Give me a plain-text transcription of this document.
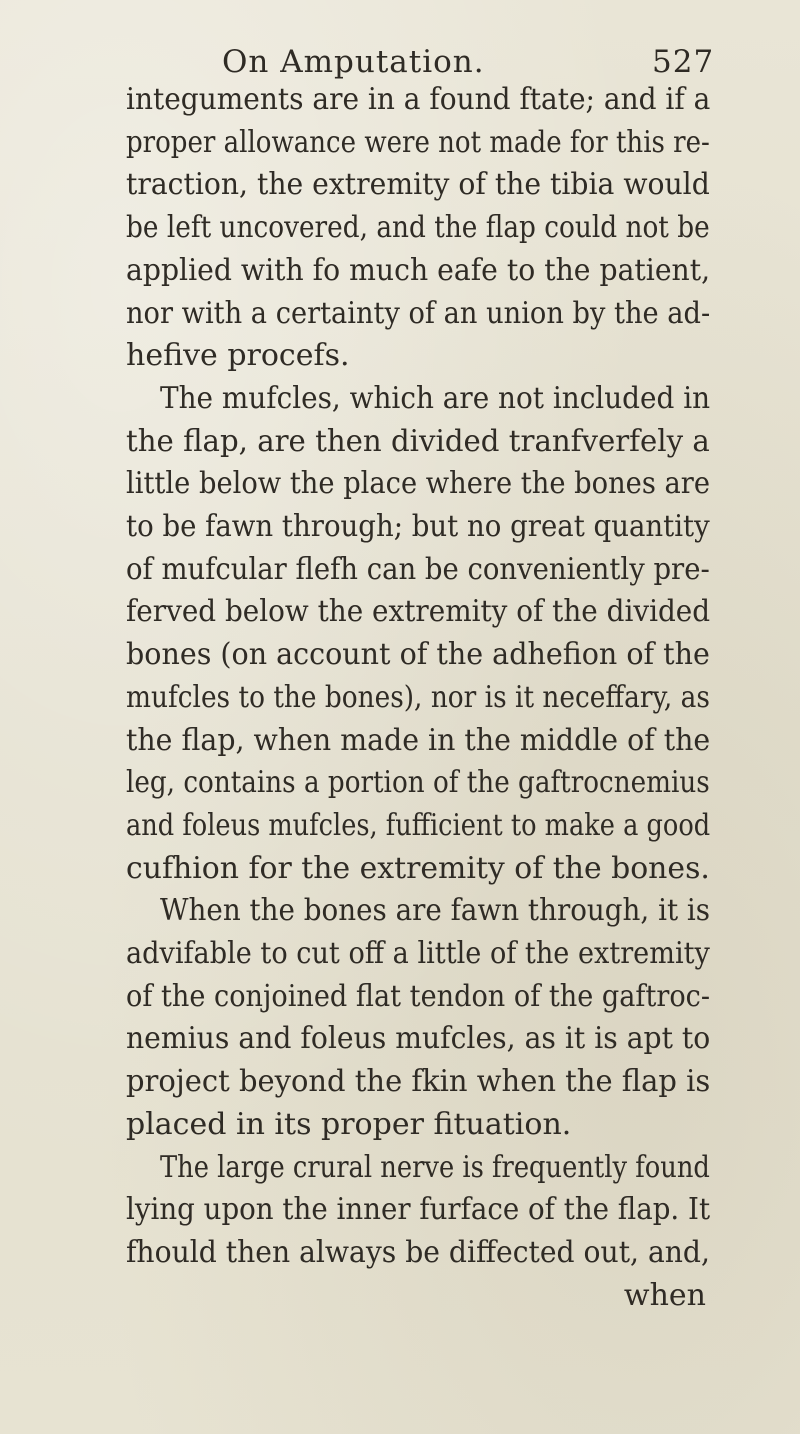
On Amputation.	527
integuments are in a found ftate; and if a
proper allowance were not made for this re-
traction, the extremity of the tibia would
be left uncovered, and the flap could not be
applied with fo much eafe to the patient,
nor with a certainty of an union by the ad-
hefive procefs.
The mufcles, which are not included in
the flap, are then divided tranfverfely a
little below the place where the bones are
to be fawn through; but no great quantity
of mufcular flefh can be conveniently pre-
ferved below the extremity of the divided
bones (on account of the adhefion of the
mufcles to the bones), nor is it neceffary, as
the flap, when made in the middle of the
leg, contains a portion of the gaftrocnemius
and foleus mufcles, fufficient to make a good
cufhion for the extremity of the bones.
When the bones are fawn through, it is
advifable to cut off a little of the extremity
of the conjoined flat tendon of the gaftroc-
nemius and foleus mufcles, as it is apt to
project beyond the fkin when the flap is
placed in its proper fituation.
The large crural nerve is frequently found
lying upon the inner furface of the flap. It
fhould then always be diffected out, and,
when
